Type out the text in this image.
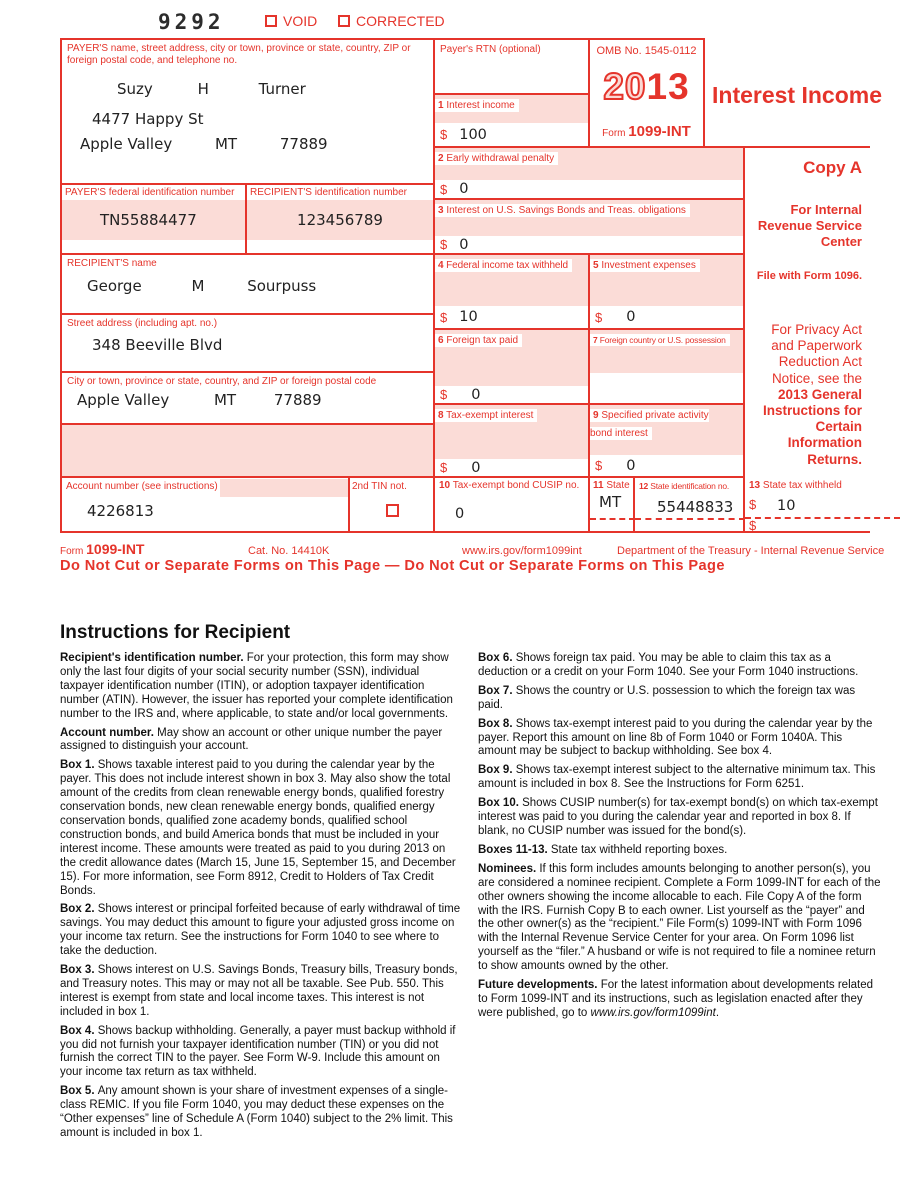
9292	VOID	CORRECTED
PAYER'S name, street address, city or town, province or state, country, ZIP or foreign postal code, and telephone no.
Suzy	H	Turner
4477 Happy St
Apple Valley	MT	77889
PAYER'S federal identification number
TN55884477
RECIPIENT'S identification number
123456789
RECIPIENT'S name
George	M	Sourpuss
Street address (including apt. no.)
348 Beeville Blvd
City or town, province or state, country, and ZIP or foreign postal code
Apple Valley	MT	77889
Account number (see instructions)
4226813
2nd TIN not.
Payer's RTN (optional)
1 Interest income
$ 100
OMB No. 1545-0112
2013
Form 1099-INT
Interest Income
2 Early withdrawal penalty
$ 0
3 Interest on U.S. Savings Bonds and Treas. obligations
$ 0
4 Federal income tax withheld
$ 10
5 Investment expenses
$ 0
6 Foreign tax paid
$ 0
7 Foreign country or U.S. possession
8 Tax-exempt interest
$ 0
9 Specified private activity bond interest
$ 0
10 Tax-exempt bond CUSIP no.
0
11 State
MT
12 State identification no.
55448833
13 State tax withheld
$ 10
$
Copy A
For Internal Revenue Service Center
File with Form 1096.
For Privacy Act and Paperwork Reduction Act Notice, see the 2013 General Instructions for Certain Information Returns.
Form 1099-INT	Cat. No. 14410K	www.irs.gov/form1099int	Department of the Treasury - Internal Revenue Service
Do Not Cut or Separate Forms on This Page — Do Not Cut or Separate Forms on This Page
Instructions for Recipient

Recipient's identification number. For your protection, this form may show only the last four digits of your social security number (SSN), individual taxpayer identification number (ITIN), or adoption taxpayer identification number (ATIN). However, the issuer has reported your complete identification number to the IRS and, where applicable, to state and/or local governments.

Account number. May show an account or other unique number the payer assigned to distinguish your account.

Box 1. Shows taxable interest paid to you during the calendar year by the payer. This does not include interest shown in box 3. May also show the total amount of the credits from clean renewable energy bonds, qualified forestry conservation bonds, new clean renewable energy bonds, qualified energy conservation bonds, qualified zone academy bonds, qualified school construction bonds, and build America bonds that must be included in your interest income. These amounts were treated as paid to you during 2013 on the credit allowance dates (March 15, June 15, September 15, and December 15). For more information, see Form 8912, Credit to Holders of Tax Credit Bonds.

Box 2. Shows interest or principal forfeited because of early withdrawal of time savings. You may deduct this amount to figure your adjusted gross income on your income tax return. See the instructions for Form 1040 to see where to take the deduction.

Box 3. Shows interest on U.S. Savings Bonds, Treasury bills, Treasury bonds, and Treasury notes. This may or may not all be taxable. See Pub. 550. This interest is exempt from state and local income taxes. This interest is not included in box 1.

Box 4. Shows backup withholding. Generally, a payer must backup withhold if you did not furnish your taxpayer identification number (TIN) or you did not furnish the correct TIN to the payer. See Form W-9. Include this amount on your income tax return as tax withheld.

Box 5. Any amount shown is your share of investment expenses of a single-class REMIC. If you file Form 1040, you may deduct these expenses on the “Other expenses” line of Schedule A (Form 1040) subject to the 2% limit. This amount is included in box 1.

Box 6. Shows foreign tax paid. You may be able to claim this tax as a deduction or a credit on your Form 1040. See your Form 1040 instructions.

Box 7. Shows the country or U.S. possession to which the foreign tax was paid.

Box 8. Shows tax-exempt interest paid to you during the calendar year by the payer. Report this amount on line 8b of Form 1040 or Form 1040A. This amount may be subject to backup withholding. See box 4.

Box 9. Shows tax-exempt interest subject to the alternative minimum tax. This amount is included in box 8. See the Instructions for Form 6251.

Box 10. Shows CUSIP number(s) for tax-exempt bond(s) on which tax-exempt interest was paid to you during the calendar year and reported in box 8. If blank, no CUSIP number was issued for the bond(s).

Boxes 11-13. State tax withheld reporting boxes.

Nominees. If this form includes amounts belonging to another person(s), you are considered a nominee recipient. Complete a Form 1099-INT for each of the other owners showing the income allocable to each. File Copy A of the form with the IRS. Furnish Copy B to each owner. List yourself as the “payer” and the other owner(s) as the “recipient.” File Form(s) 1099-INT with Form 1096 with the Internal Revenue Service Center for your area. On Form 1096 list yourself as the “filer.” A husband or wife is not required to file a nominee return to show amounts owned by the other.

Future developments. For the latest information about developments related to Form 1099-INT and its instructions, such as legislation enacted after they were published, go to www.irs.gov/form1099int.
